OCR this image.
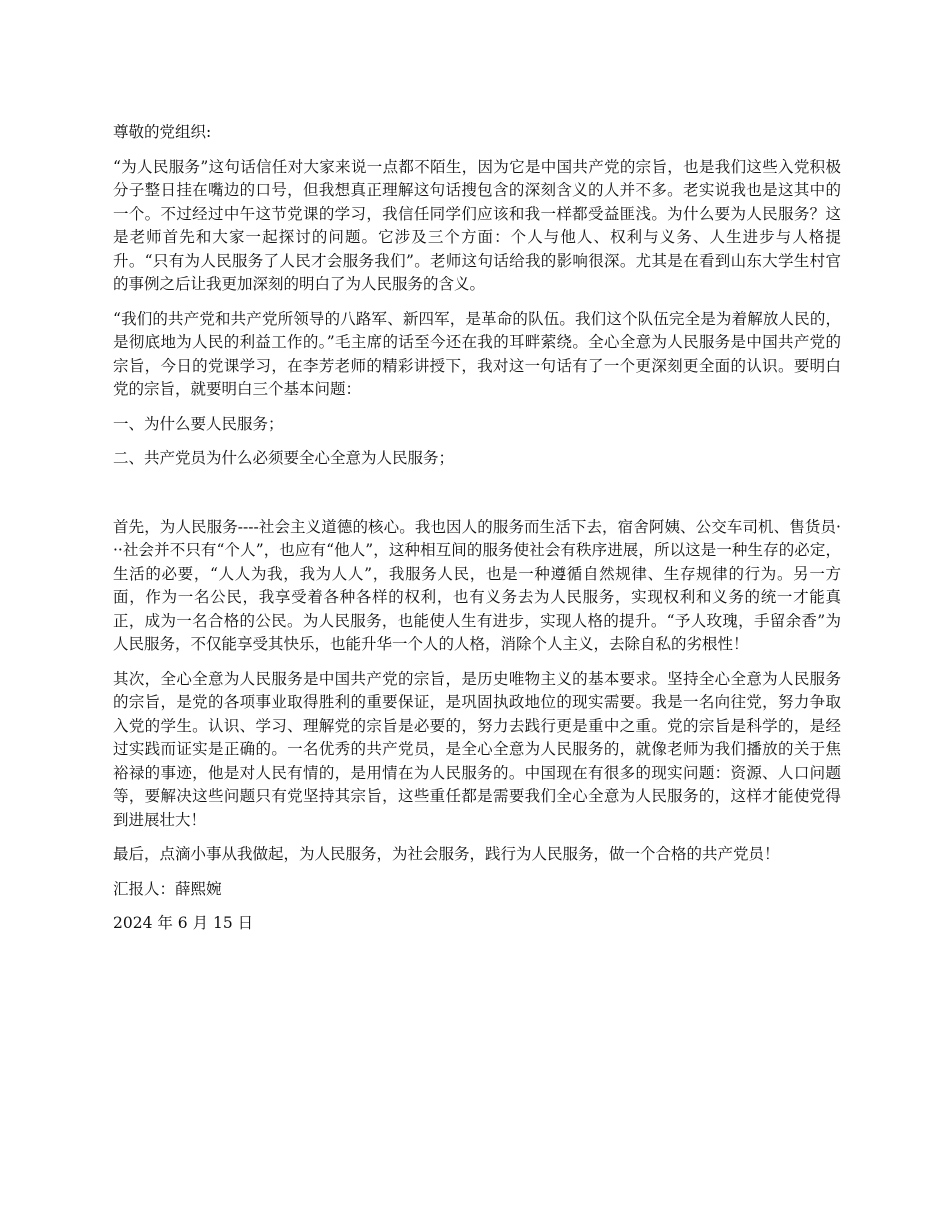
尊敬的党组织:

“为人民服务”这句话信任对大家来说一点都不陌生，因为它是中国共产党的宗旨，也是我们这些入党积极分子整日挂在嘴边的口号，但我想真正理解这句话搜包含的深刻含义的人并不多。老实说我也是这其中的一个。不过经过中午这节党课的学习，我信任同学们应该和我一样都受益匪浅。为什么要为人民服务？这是老师首先和大家一起探讨的问题。它涉及三个方面：个人与他人、权利与义务、人生进步与人格提升。“只有为人民服务了人民才会服务我们”。老师这句话给我的影响很深。尤其是在看到山东大学生村官的事例之后让我更加深刻的明白了为人民服务的含义。

“我们的共产党和共产党所领导的八路军、新四军，是革命的队伍。我们这个队伍完全是为着解放人民的，是彻底地为人民的利益工作的。”毛主席的话至今还在我的耳畔萦绕。全心全意为人民服务是中国共产党的宗旨，今日的党课学习，在李芳老师的精彩讲授下，我对这一句话有了一个更深刻更全面的认识。要明白党的宗旨，就要明白三个基本问题：

一、为什么要人民服务；

二、共产党员为什么必须要全心全意为人民服务；

首先，为人民服务----社会主义道德的核心。我也因人的服务而生活下去，宿舍阿姨、公交车司机、售货员···社会并不只有“个人”，也应有“他人”，这种相互间的服务使社会有秩序进展，所以这是一种生存的必定，生活的必要，“人人为我，我为人人”，我服务人民，也是一种遵循自然规律、生存规律的行为。另一方面，作为一名公民，我享受着各种各样的权利，也有义务去为人民服务，实现权利和义务的统一才能真正，成为一名合格的公民。为人民服务，也能使人生有进步，实现人格的提升。“予人玫瑰，手留余香”为人民服务，不仅能享受其快乐，也能升华一个人的人格，消除个人主义，去除自私的劣根性！

其次，全心全意为人民服务是中国共产党的宗旨，是历史唯物主义的基本要求。坚持全心全意为人民服务的宗旨，是党的各项事业取得胜利的重要保证，是巩固执政地位的现实需要。我是一名向往党，努力争取入党的学生。认识、学习、理解党的宗旨是必要的，努力去践行更是重中之重。党的宗旨是科学的，是经过实践而证实是正确的。一名优秀的共产党员，是全心全意为人民服务的，就像老师为我们播放的关于焦裕禄的事迹，他是对人民有情的，是用情在为人民服务的。中国现在有很多的现实问题：资源、人口问题等，要解决这些问题只有党坚持其宗旨，这些重任都是需要我们全心全意为人民服务的，这样才能使党得到进展壮大！

最后，点滴小事从我做起，为人民服务，为社会服务，践行为人民服务，做一个合格的共产党员！

汇报人：薛熙婉

2024 年 6 月 15 日
